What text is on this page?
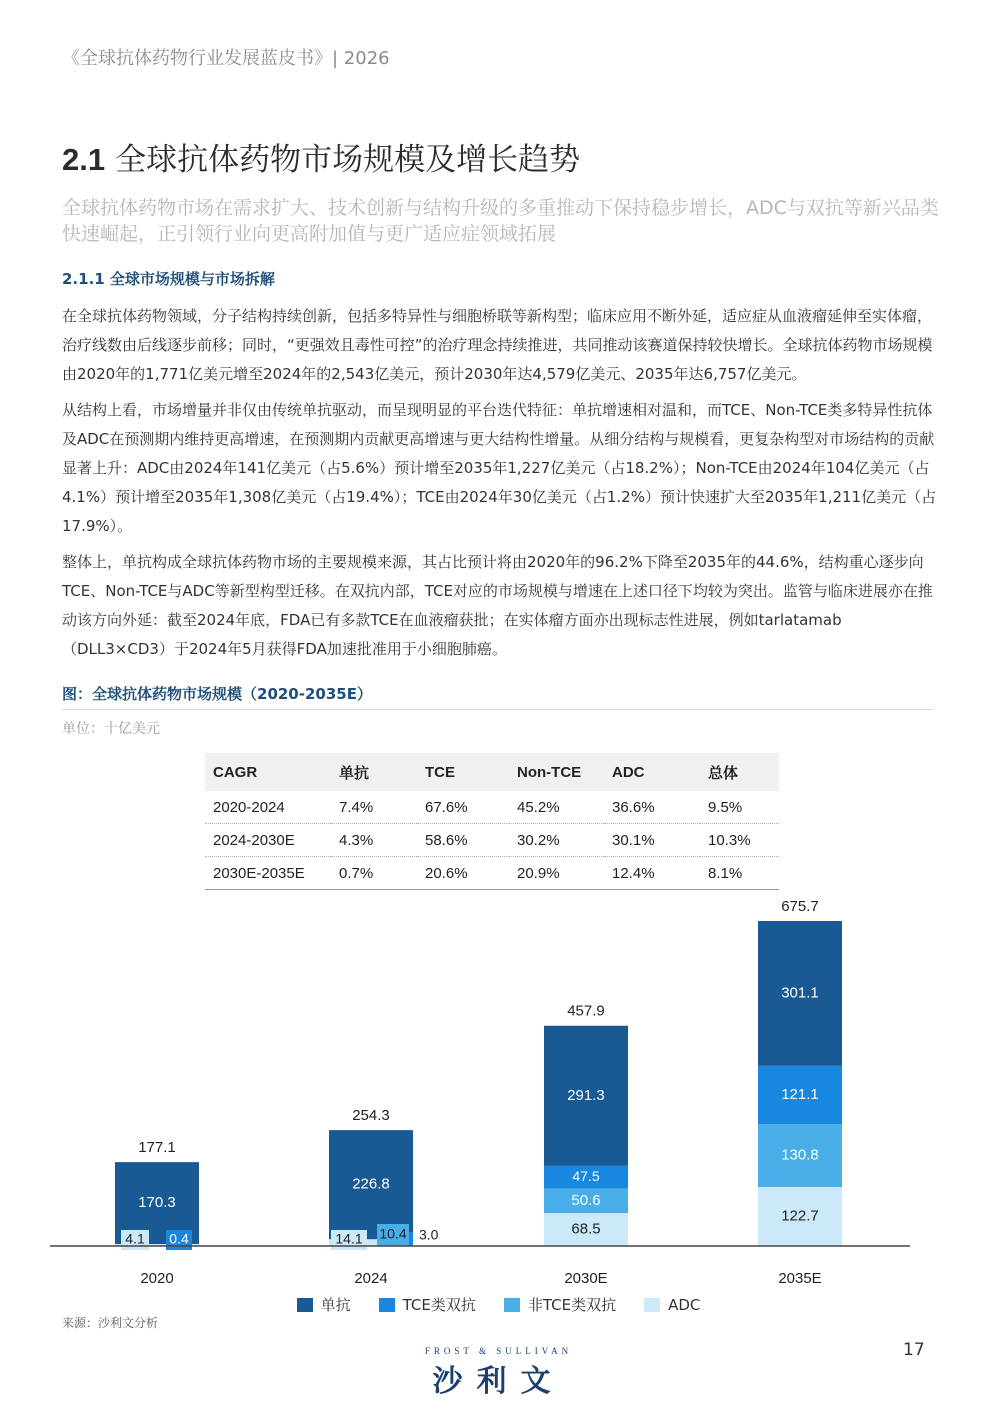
《全球抗体药物行业发展蓝皮书》| 2026
2.1 全球抗体药物市场规模及增长趋势
全球抗体药物市场在需求扩大、技术创新与结构升级的多重推动下保持稳步增长，ADC与双抗等新兴品类快速崛起，正引领行业向更高附加值与更广适应症领域拓展
2.1.1 全球市场规模与市场拆解
在全球抗体药物领域，分子结构持续创新，包括多特异性与细胞桥联等新构型；临床应用不断外延，适应症从血液瘤延伸至实体瘤，治疗线数由后线逐步前移；同时，“更强效且毒性可控”的治疗理念持续推进，共同推动该赛道保持较快增长。全球抗体药物市场规模由2020年的1,771亿美元增至2024年的2,543亿美元，预计2030年达4,579亿美元、2035年达6,757亿美元。
从结构上看，市场增量并非仅由传统单抗驱动，而呈现明显的平台迭代特征：单抗增速相对温和，而TCE、Non-TCE类多特异性抗体及ADC在预测期内维持更高增速，在预测期内贡献更高增速与更大结构性增量。从细分结构与规模看，更复杂构型对市场结构的贡献显著上升：ADC由2024年141亿美元（占5.6%）预计增至2035年1,227亿美元（占18.2%）；Non-TCE由2024年104亿美元（占4.1%）预计增至2035年1,308亿美元（占19.4%）；TCE由2024年30亿美元（占1.2%）预计快速扩大至2035年1,211亿美元（占17.9%）。
整体上，单抗构成全球抗体药物市场的主要规模来源，其占比预计将由2020年的96.2%下降至2035年的44.6%，结构重心逐步向 TCE、Non-TCE与ADC等新型构型迁移。在双抗内部，TCE对应的市场规模与增速在上述口径下均较为突出。监管与临床进展亦在推动该方向外延：截至2024年底，FDA已有多款TCE在血液瘤获批；在实体瘤方面亦出现标志性进展，例如tarlatamab（DLL3×CD3）于2024年5月获得FDA加速批准用于小细胞肺癌。
图：全球抗体药物市场规模（2020-2035E）
单位：十亿美元
CAGR	单抗	TCE	Non-TCE	ADC	总体
2020-2024	7.4%	67.6%	45.2%	36.6%	9.5%
2024-2030E	4.3%	58.6%	30.2%	30.1%	10.3%
2030E-2035E	0.7%	20.6%	20.9%	12.4%	8.1%
170.3
177.1
4.1 0.4
2020
226.8
254.3
14.1 10.4 3.0
2024
68.5
50.6
47.5
291.3
457.9
2030E
122.7
130.8
121.1
301.1
675.7
2035E
单抗	TCE类双抗	非TCE类双抗	ADC
来源：沙利文分析
FROST & SULLIVAN
沙利文
17
